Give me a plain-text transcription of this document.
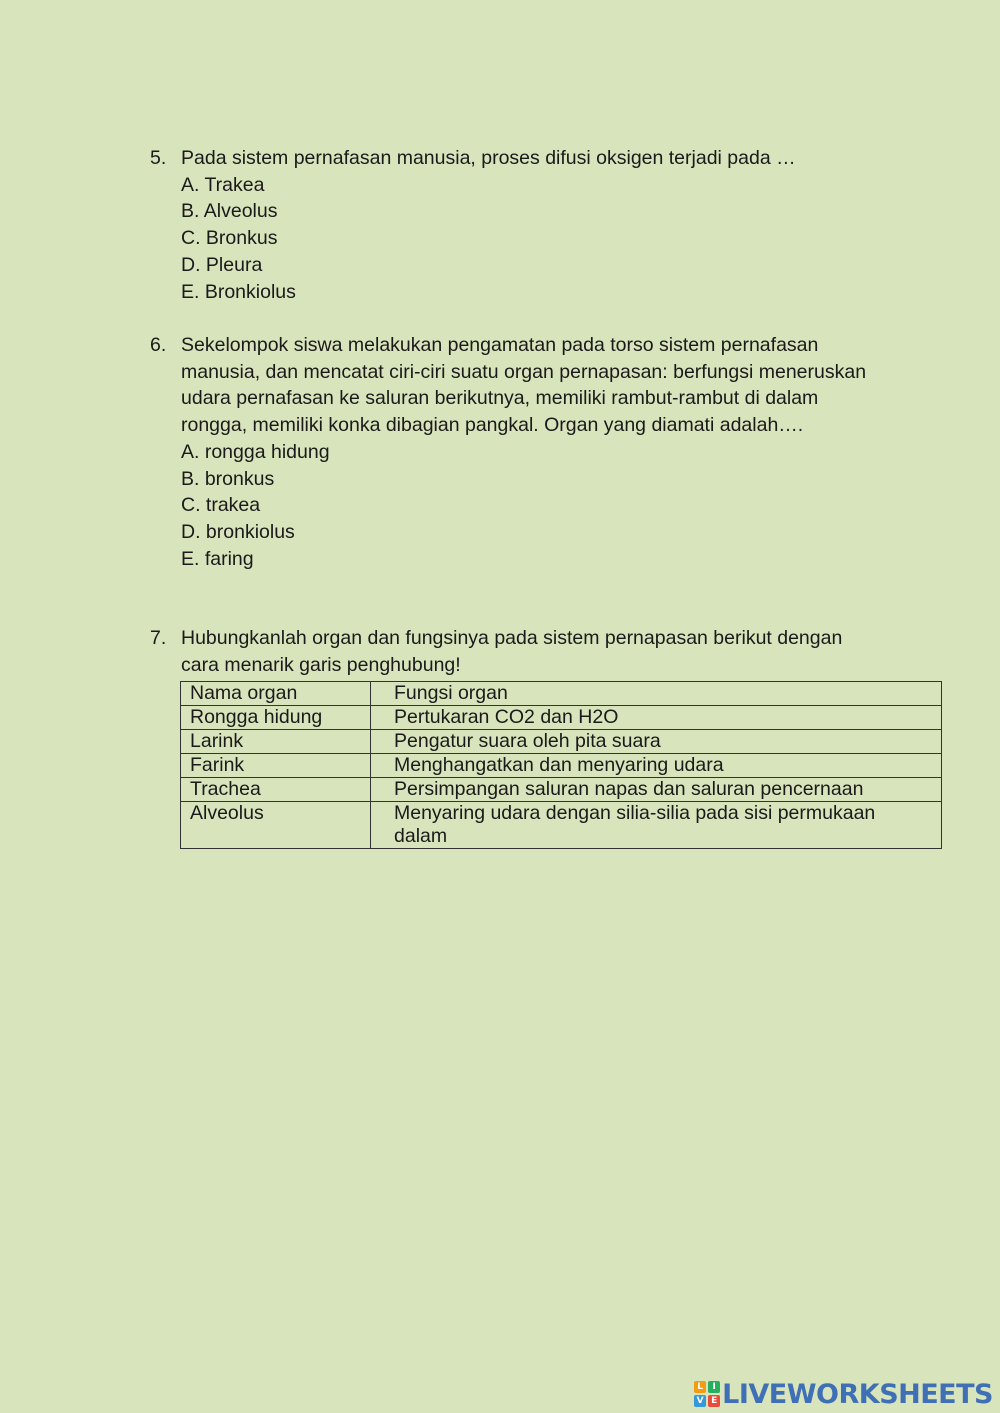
5. Pada sistem pernafasan manusia, proses difusi oksigen terjadi pada …
A. Trakea
B. Alveolus
C. Bronkus
D. Pleura
E. Bronkiolus
6. Sekelompok siswa melakukan pengamatan pada torso sistem pernafasan manusia, dan mencatat ciri-ciri suatu organ pernapasan: berfungsi meneruskan udara pernafasan ke saluran berikutnya, memiliki rambut-rambut di dalam rongga, memiliki konka dibagian pangkal. Organ yang diamati adalah….
A. rongga hidung
B. bronkus
C. trakea
D. bronkiolus
E. faring
7. Hubungkanlah organ dan fungsinya pada sistem pernapasan berikut dengan cara menarik garis penghubung!
Nama organ	Fungsi organ
Rongga hidung	Pertukaran CO2 dan H2O
Larink	Pengatur suara oleh pita suara
Farink	Menghangatkan dan menyaring udara
Trachea	Persimpangan saluran napas dan saluran pencernaan
Alveolus	Menyaring udara dengan silia-silia pada sisi permukaan dalam
L	I
V E LIVEWORKSHEETS
